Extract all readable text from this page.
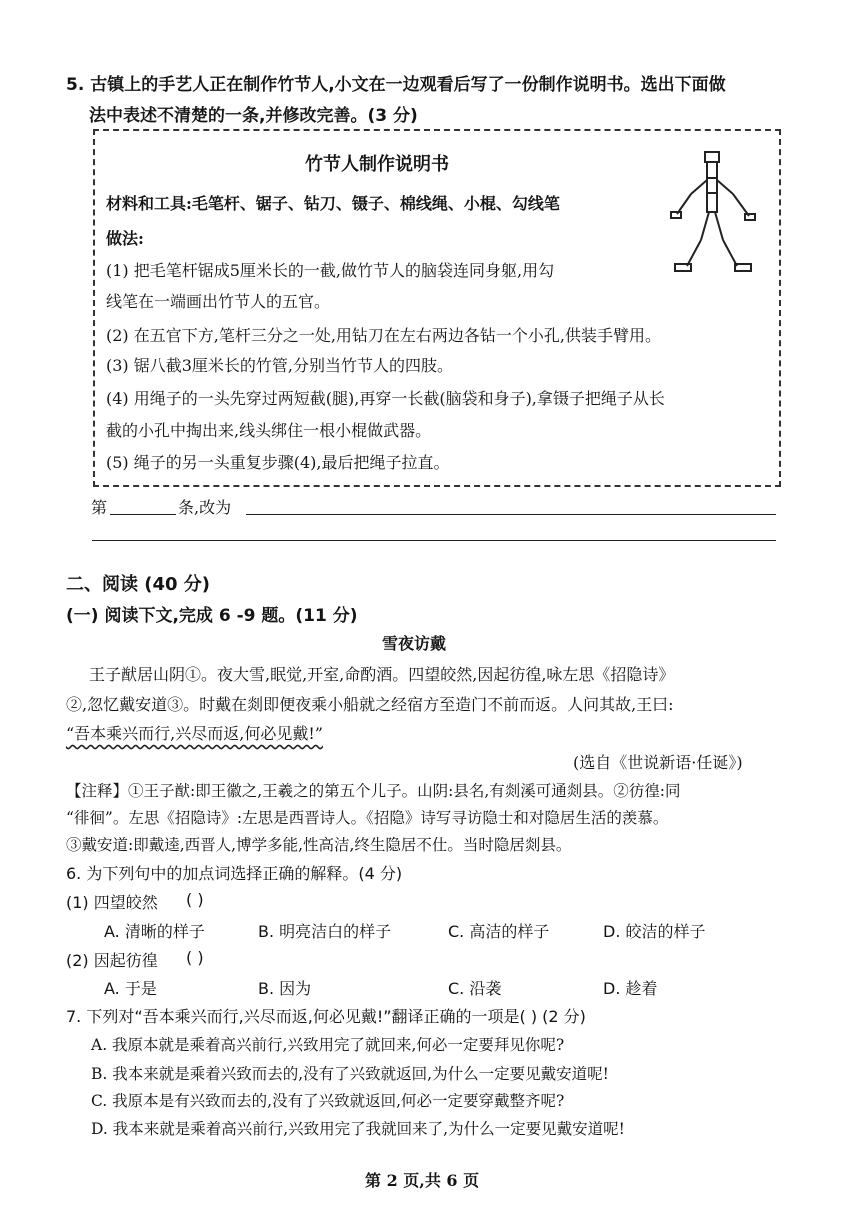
5. 古镇上的手艺人正在制作竹节人,小文在一边观看后写了一份制作说明书。选出下面做
法中表述不清楚的一条,并修改完善。(3 分)
竹节人制作说明书
材料和工具:毛笔杆、锯子、钻刀、镊子、棉线绳、小棍、勾线笔
做法:
(1) 把毛笔杆锯成5厘米长的一截,做竹节人的脑袋连同身躯,用勾
线笔在一端画出竹节人的五官。
(2) 在五官下方,笔杆三分之一处,用钻刀在左右两边各钻一个小孔,供装手臂用。
(3) 锯八截3厘米长的竹管,分别当竹节人的四肢。
(4) 用绳子的一头先穿过两短截(腿),再穿一长截(脑袋和身子),拿镊子把绳子从长
截的小孔中掏出来,线头绑住一根小棍做武器。
(5) 绳子的另一头重复步骤(4),最后把绳子拉直。
第	条,改为
二、阅读 (40 分)
(一) 阅读下文,完成 6 -9 题。(11 分)
雪夜访戴
王子猷居山阴①。夜大雪,眠觉,开室,命酌酒。四望皎然,因起彷徨,咏左思《招隐诗》
②,忽忆戴安道③。时戴在剡即便夜乘小船就之经宿方至造门不前而返。人问其故,王曰:
“吾本乘兴而行,兴尽而返,何必见戴!”
(选自《世说新语·任诞》)
【注释】①王子猷:即王徽之,王羲之的第五个儿子。山阴:县名,有剡溪可通剡县。②彷徨:同
“徘徊”。左思《招隐诗》:左思是西晋诗人。《招隐》诗写寻访隐士和对隐居生活的羡慕。
③戴安道:即戴逵,西晋人,博学多能,性高洁,终生隐居不仕。当时隐居剡县。
6. 为下列句中的加点词选择正确的解释。(4 分)
(1) 四望皎然 ( )
A. 清晰的样子	B. 明亮洁白的样子	C. 高洁的样子	D. 皎洁的样子
(2) 因起彷徨 ( )
A. 于是	B. 因为	C. 沿袭	D. 趁着
7. 下列对“吾本乘兴而行,兴尽而返,何必见戴!”翻译正确的一项是( ) (2 分)
A. 我原本就是乘着高兴前行,兴致用完了就回来,何必一定要拜见你呢?
B. 我本来就是乘着兴致而去的,没有了兴致就返回,为什么一定要见戴安道呢!
C. 我原本是有兴致而去的,没有了兴致就返回,何必一定要穿戴整齐呢?
D. 我本来就是乘着高兴前行,兴致用完了我就回来了,为什么一定要见戴安道呢!
第 2 页,共 6 页
